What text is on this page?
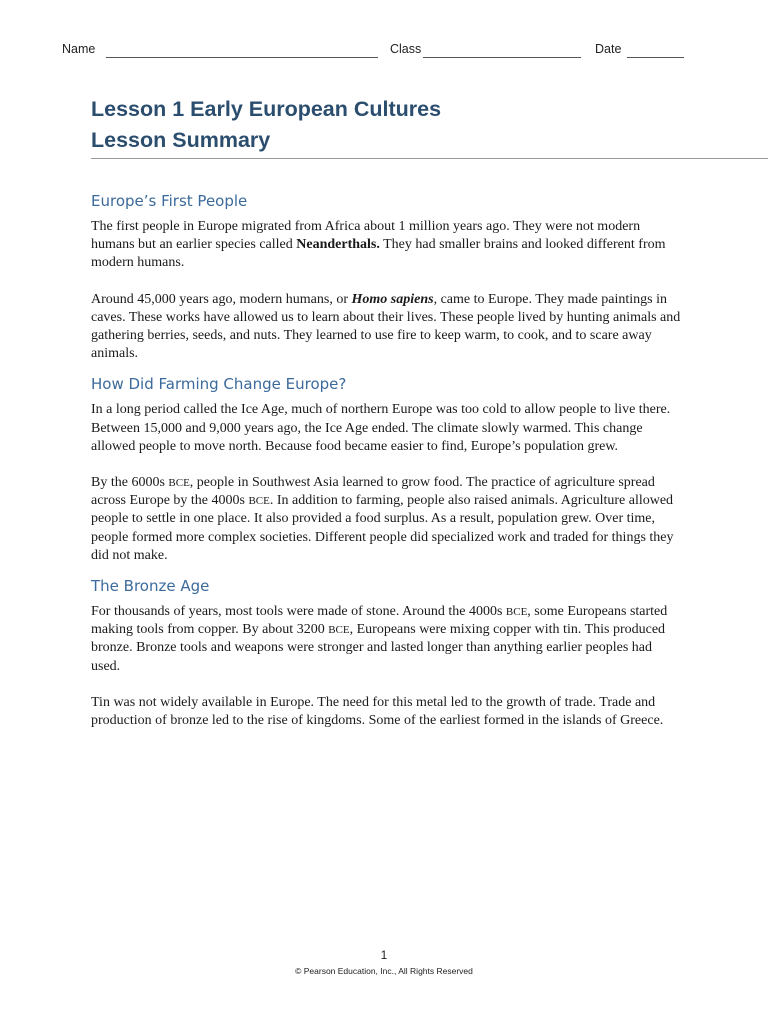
Name	Class	Date
Lesson 1 Early European Cultures
Lesson Summary
Europe’s First People

The first people in Europe migrated from Africa about 1 million years ago. They were not modern humans but an earlier species called Neanderthals. They had smaller brains and looked different from modern humans.

Around 45,000 years ago, modern humans, or Homo sapiens, came to Europe. They made paintings in caves. These works have allowed us to learn about their lives. These people lived by hunting animals and gathering berries, seeds, and nuts. They learned to use fire to keep warm, to cook, and to scare away animals.

How Did Farming Change Europe?

In a long period called the Ice Age, much of northern Europe was too cold to allow people to live there. Between 15,000 and 9,000 years ago, the Ice Age ended. The climate slowly warmed. This change allowed people to move north. Because food became easier to find, Europe’s population grew.

By the 6000s BCE, people in Southwest Asia learned to grow food. The practice of agriculture spread across Europe by the 4000s BCE. In addition to farming, people also raised animals. Agriculture allowed people to settle in one place. It also provided a food surplus. As a result, population grew. Over time, people formed more complex societies. Different people did specialized work and traded for things they did not make.

The Bronze Age

For thousands of years, most tools were made of stone. Around the 4000s BCE, some Europeans started making tools from copper. By about 3200 BCE, Europeans were mixing copper with tin. This produced bronze. Bronze tools and weapons were stronger and lasted longer than anything earlier peoples had used.

Tin was not widely available in Europe. The need for this metal led to the growth of trade. Trade and production of bronze led to the rise of kingdoms. Some of the earliest formed in the islands of Greece.

1
© Pearson Education, Inc., All Rights Reserved
